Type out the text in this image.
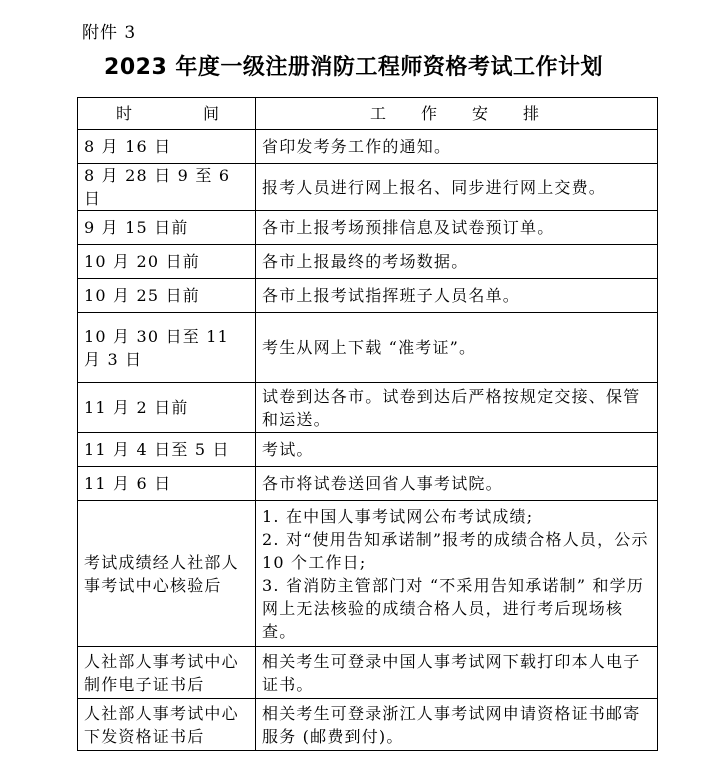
附件 3
2023 年度一级注册消防工程师资格考试工作计划
时 间	工 作 安 排

8 月 16 日	省印发考务工作的通知。

8 月 28 日 9 至 6 日	报考人员进行网上报名、同步进行网上交费。

9 月 15 日前	各市上报考场预排信息及试卷预订单。

10 月 20 日前	各市上报最终的考场数据。

10 月 25 日前	各市上报考试指挥班子人员名单。

10 月 30 日至 11 月 3 日	考生从网上下载 “准考证”。

11 月 2 日前	试卷到达各市。试卷到达后严格按规定交接、保管和运送。

11 月 4 日至 5 日	考试。

11 月 6 日	各市将试卷送回省人事考试院。

考试成绩经人社部人事考试中心核验后	1. 在中国人事考试网公布考试成绩;
2. 对“使用告知承诺制”报考的成绩合格人员，公示 10 个工作日;
3. 省消防主管部门对 “不采用告知承诺制” 和学历网上无法核验的成绩合格人员，进行考后现场核查。

人社部人事考试中心制作电子证书后	相关考生可登录中国人事考试网下载打印本人电子证书。

人社部人事考试中心下发资格证书后	相关考生可登录浙江人事考试网申请资格证书邮寄服务 (邮费到付)。
